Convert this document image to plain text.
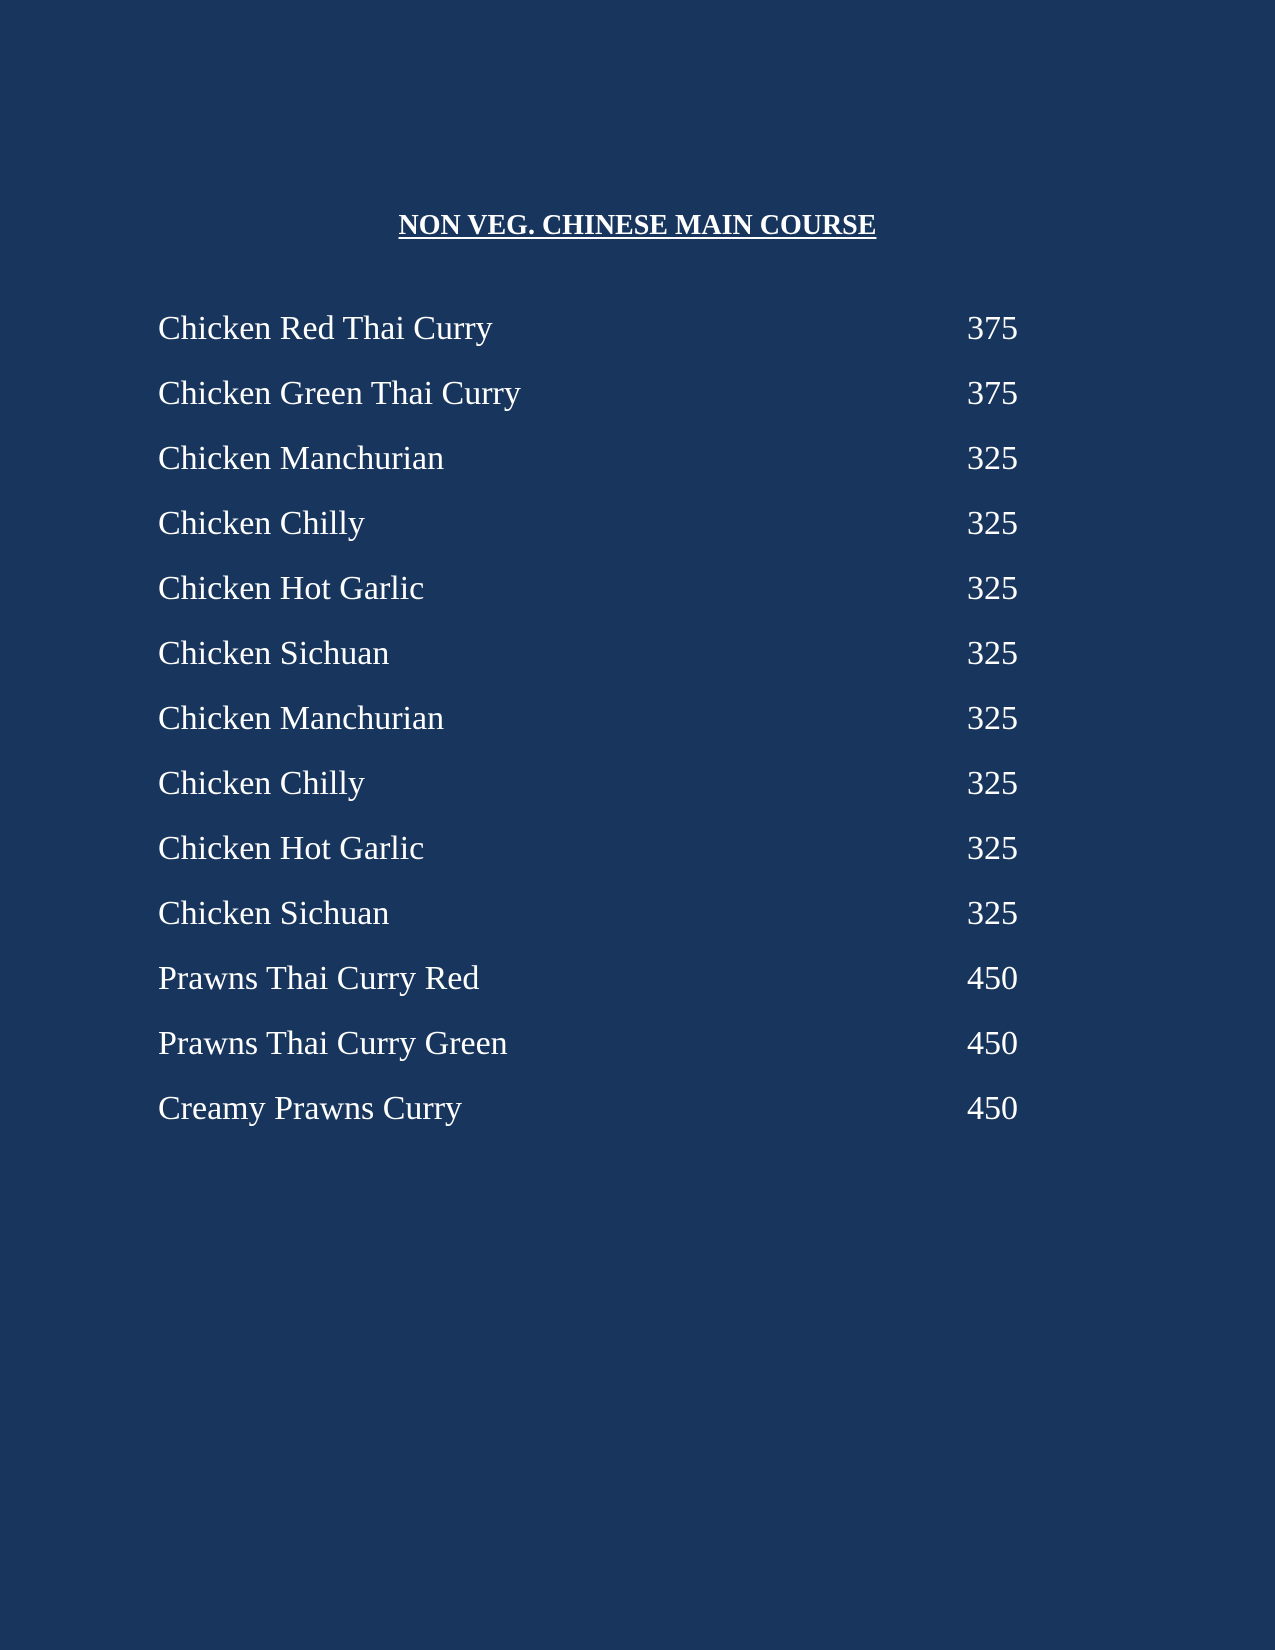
NON VEG. CHINESE MAIN COURSE
Chicken Red Thai Curry	375
Chicken Green Thai Curry	375
Chicken Manchurian	325
Chicken Chilly	325
Chicken Hot Garlic	325
Chicken Sichuan	325
Chicken Manchurian	325
Chicken Chilly	325
Chicken Hot Garlic	325
Chicken Sichuan	325
Prawns Thai Curry Red	450
Prawns Thai Curry Green	450
Creamy Prawns Curry	450
